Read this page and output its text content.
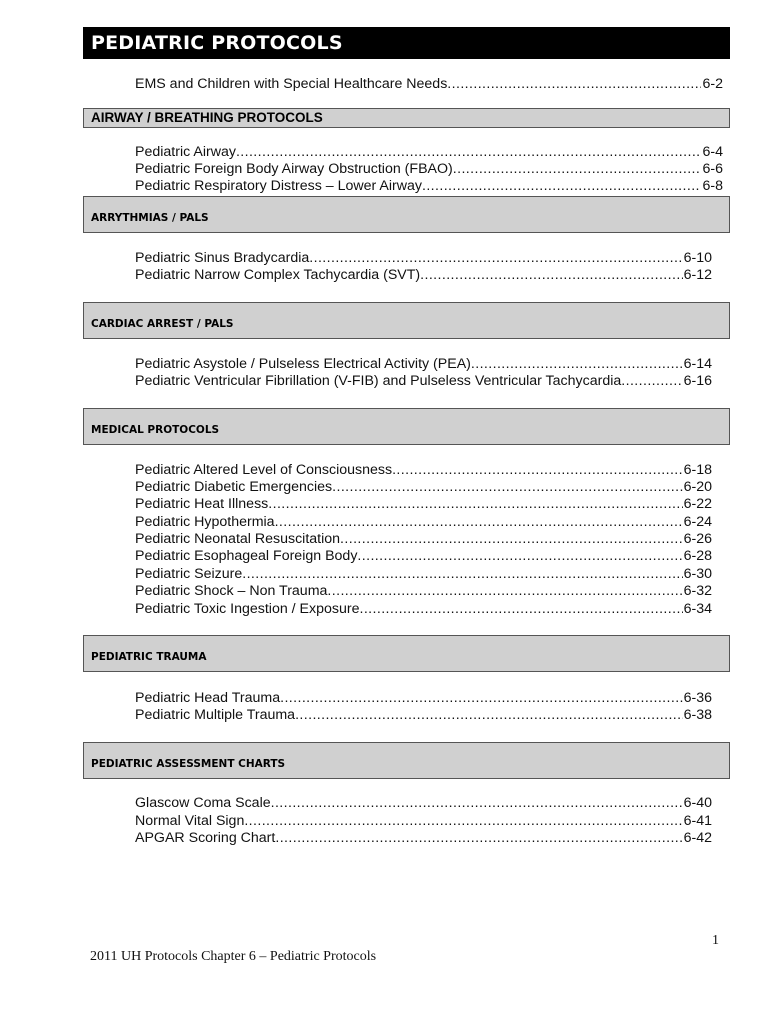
PEDIATRIC PROTOCOLS
EMS and Children with Special Healthcare Needs .....	6-2
AIRWAY / BREATHING PROTOCOLS
Pediatric Airway .....	6-4
Pediatric Foreign Body Airway Obstruction (FBAO) .....	6-6
Pediatric Respiratory Distress – Lower Airway .....	6-8
ARRYTHMIAS / PALS
Pediatric Sinus Bradycardia .....	6-10
Pediatric Narrow Complex Tachycardia (SVT) .....	6-12
CARDIAC ARREST / PALS
Pediatric Asystole / Pulseless Electrical Activity (PEA) .....	6-14
Pediatric Ventricular Fibrillation (V-FIB) and Pulseless Ventricular Tachycardia .....	6-16
MEDICAL PROTOCOLS
Pediatric Altered Level of Consciousness .....	6-18
Pediatric Diabetic Emergencies .....	6-20
Pediatric Heat Illness .....	6-22
Pediatric Hypothermia .....	6-24
Pediatric Neonatal Resuscitation .....	6-26
Pediatric Esophageal Foreign Body .....	6-28
Pediatric Seizure .....	6-30
Pediatric Shock – Non Trauma .....	6-32
Pediatric Toxic Ingestion / Exposure .....	6-34
PEDIATRIC TRAUMA
Pediatric Head Trauma .....	6-36
Pediatric Multiple Trauma .....	6-38
PEDIATRIC ASSESSMENT CHARTS
Glascow Coma Scale .....	6-40
Normal Vital Sign .....	6-41
APGAR Scoring Chart .....	6-42
1
2011 UH Protocols Chapter 6 – Pediatric Protocols
